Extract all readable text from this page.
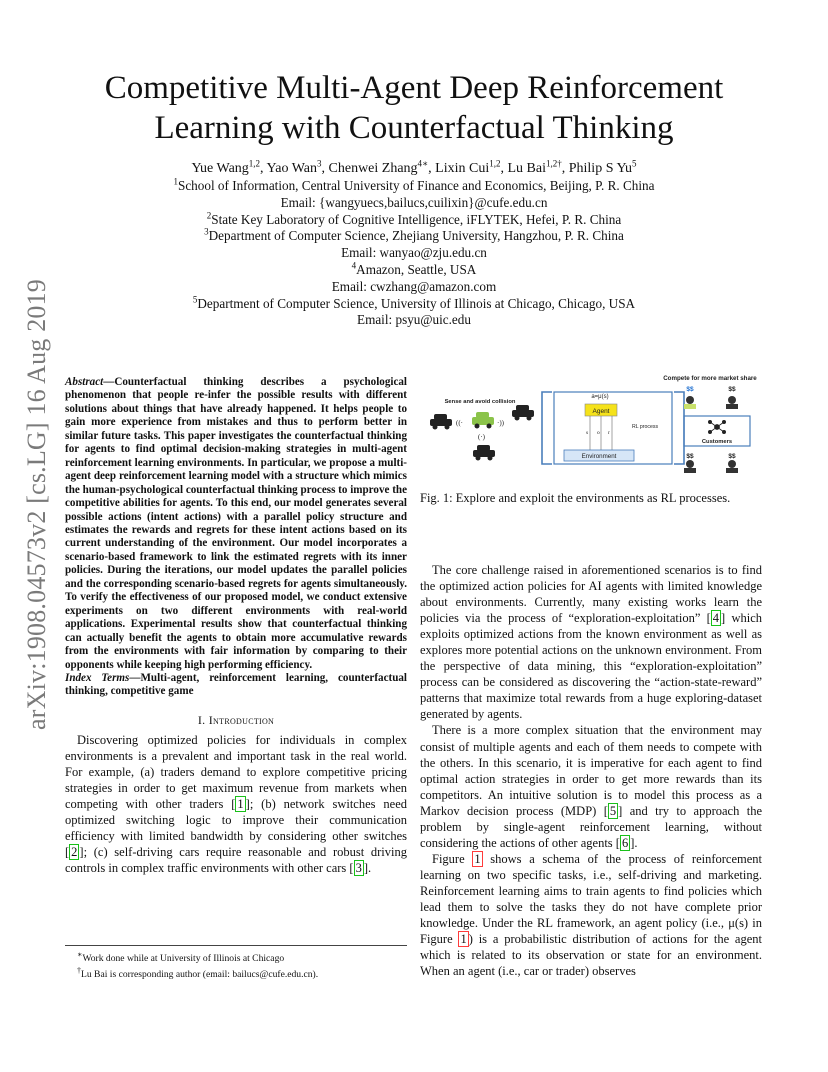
arXiv:1908.04573v2 [cs.LG] 16 Aug 2019
Competitive Multi-Agent Deep Reinforcement Learning with Counterfactual Thinking
Yue Wang$^{1,2}$, Yao Wan$^3$, Chenwei Zhang$^{4∗}$, Lixin Cui$^{1,2}$, Lu Bai$^{1,2\dagger}$, Philip S Yu$^5$
$^1$School of Information, Central University of Finance and Economics, Beijing, P. R. China
Email: {wangyuecs,bailucs,cuilixin}@cufe.edu.cn
$^2$State Key Laboratory of Cognitive Intelligence, iFLYTEK, Hefei, P. R. China
$^3$Department of Computer Science, Zhejiang University, Hangzhou, P. R. China
Email: wanyao@zju.edu.cn
$^4$Amazon, Seattle, USA
Email: cwzhang@amazon.com
$^5$Department of Computer Science, University of Illinois at Chicago, Chicago, USA
Email: psyu@uic.edu

Abstract—Counterfactual thinking describes a psychological phenomenon that people re-infer the possible results with different solutions about things that have already happened. It helps people to gain more experience from mistakes and thus to perform better in similar future tasks. This paper investigates the counterfactual thinking for agents to find optimal decision-making strategies in multi-agent reinforcement learning environments. In particular, we propose a multi-agent deep reinforcement learning model with a structure which mimics the human-psychological counterfactual thinking process to improve the competitive abilities for agents. To this end, our model generates several possible actions (intent actions) with a parallel policy structure and estimates the rewards and regrets for these intent actions based on its current understanding of the environment. Our model incorporates a scenario-based framework to link the estimated regrets with its inner policies. During the iterations, our model updates the parallel policies and the corresponding scenario-based regrets for agents simultaneously. To verify the effectiveness of our proposed model, we conduct extensive experiments on two different environments with real-world applications. Experimental results show that counterfactual thinking can actually benefit the agents to obtain more accumulative rewards from the environments with fair information by comparing to their opponents while keeping high performing efficiency.

Index Terms—Multi-agent, reinforcement learning, counterfactual thinking, competitive game

I. Introduction

Discovering optimized policies for individuals in complex environments is a prevalent and important task in the real world. For example, (a) traders demand to explore competitive pricing strategies in order to get maximum revenue from markets when competing with other traders [ 1 ]; (b) network switches need optimized switching logic to improve their communication efficiency with limited bandwidth by considering other switches [ 2 ]; (c) self-driving cars require reasonable and robust driving controls in complex traffic environments with other cars [ 3 ].

∗Work done while at University of Illinois at Chicago
†Lu Bai is corresponding author (email: bailucs@cufe.edu.cn).
Compete for more market share
Sense and avoid collision
((·	·))
(·)
a=μ(s)
Agent
s o r
RL process
Environment
$$	$$
Customers
$$	$$
Fig. 1: Explore and exploit the environments as RL processes.

The core challenge raised in aforementioned scenarios is to find the optimized action policies for AI agents with limited knowledge about environments. Currently, many existing works learn the policies via the process of “exploration-exploitation” [ 4 ] which exploits optimized actions from the known environment as well as explores more potential actions on the unknown environment. From the perspective of data mining, this “exploration-exploitation” process can be considered as discovering the “action-state-reward” patterns that maximize total rewards from a huge exploring-dataset generated by agents.

There is a more complex situation that the environment may consist of multiple agents and each of them needs to compete with the others. In this scenario, it is imperative for each agent to find optimal action strategies in order to get more rewards than its competitors. An intuitive solution is to model this process as a Markov decision process (MDP) [ 5 ] and try to approach the problem by single-agent reinforcement learning, without considering the actions of other agents [ 6 ].

Figure 1 shows a schema of the process of reinforcement learning on two specific tasks, i.e., self-driving and marketing. Reinforcement learning aims to train agents to find policies which lead them to solve the tasks they do not have complete prior knowledge. Under the RL framework, an agent policy (i.e., μ(s) in Figure 1 ) is a probabilistic distribution of actions for the agent which is related to its observation or state for an environment. When an agent (i.e., car or trader) observes
